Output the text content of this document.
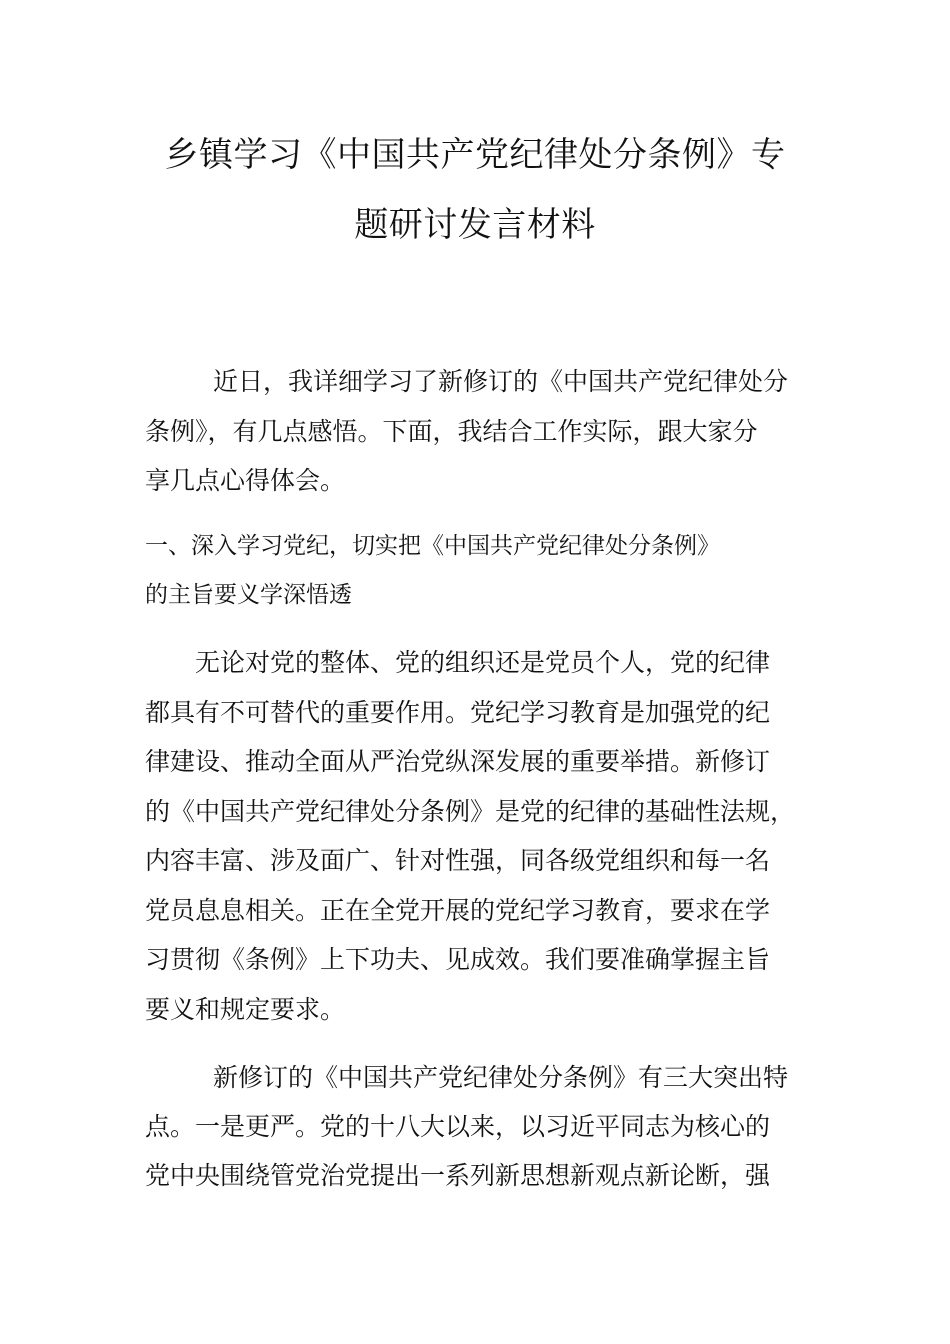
乡镇学习《中国共产党纪律处分条例》专
题研讨发言材料
近日，我详细学习了新修订的《中国共产党纪律处分
条例》，有几点感悟。下面，我结合工作实际，跟大家分
享几点心得体会。
一、深入学习党纪，切实把《中国共产党纪律处分条例》
的主旨要义学深悟透
无论对党的整体、党的组织还是党员个人，党的纪律
都具有不可替代的重要作用。党纪学习教育是加强党的纪
律建设、推动全面从严治党纵深发展的重要举措。新修订
的《中国共产党纪律处分条例》是党的纪律的基础性法规，
内容丰富、涉及面广、针对性强，同各级党组织和每一名
党员息息相关。正在全党开展的党纪学习教育，要求在学
习贯彻《条例》上下功夫、见成效。我们要准确掌握主旨
要义和规定要求。
新修订的《中国共产党纪律处分条例》有三大突出特
点。一是更严。党的十八大以来，以习近平同志为核心的
党中央围绕管党治党提出一系列新思想新观点新论断，强
